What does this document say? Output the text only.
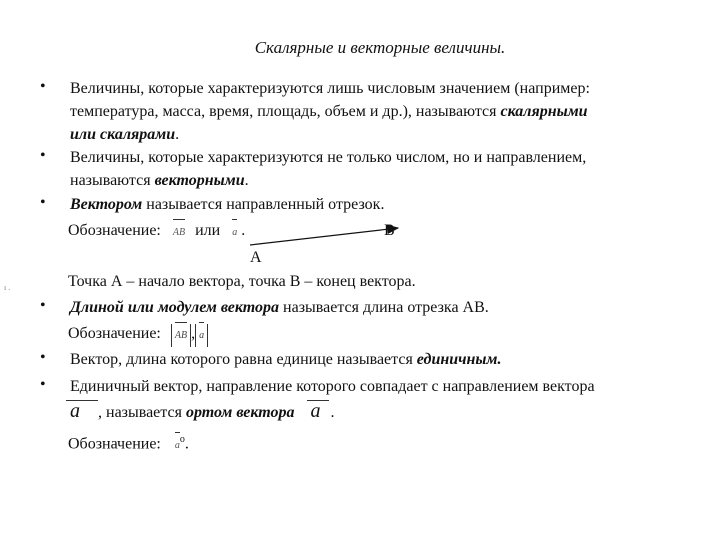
Скалярные и векторные величины.
• Величины, которые характеризуются лишь числовым значением (например:
температура, масса, время, площадь, объем и др.), называются скалярными
или скалярами.
• Величины, которые характеризуются не только числом, но и направлением,
называются векторными.
• Вектором называется направленный отрезок.
Обозначение: AB или a .	B
A
ı .	Точка А – начало вектора, точка В – конец вектора.
• Длиной или модулем вектора называется длина отрезка АВ.
Обозначение: AB , a
• Вектор, длина которого равна единице называется единичным.
• Единичный вектор, направление которого совпадает с направлением вектора
a , называется ортом вектора a .
Обозначение: $a^o$.
